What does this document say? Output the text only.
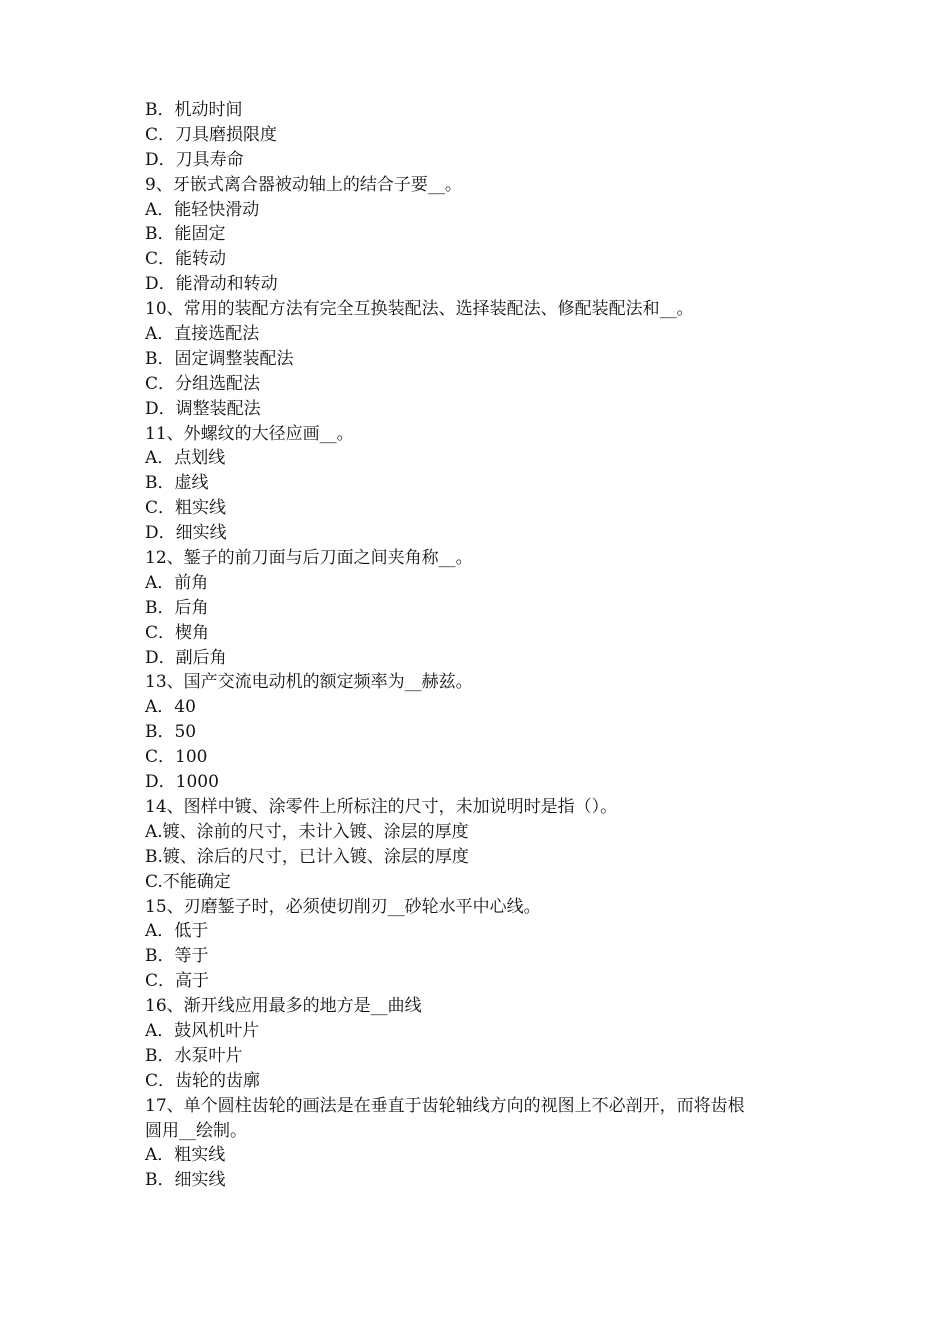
B．机动时间

C．刀具磨损限度

D．刀具寿命

9、牙嵌式离合器被动轴上的结合子要__。

A．能轻快滑动

B．能固定

C．能转动

D．能滑动和转动

10、常用的装配方法有完全互换装配法、选择装配法、修配装配法和__。

A．直接选配法

B．固定调整装配法

C．分组选配法

D．调整装配法

11、外螺纹的大径应画__。

A．点划线

B．虚线

C．粗实线

D．细实线

12、錾子的前刀面与后刀面之间夹角称__。

A．前角

B．后角

C．楔角

D．副后角

13、国产交流电动机的额定频率为__赫兹。

A．40

B．50

C．100

D．1000

14、图样中镀、涂零件上所标注的尺寸，未加说明时是指（）。

A.镀、涂前的尺寸，未计入镀、涂层的厚度

B.镀、涂后的尺寸，已计入镀、涂层的厚度

C.不能确定

15、刃磨錾子时，必须使切削刃__砂轮水平中心线。

A．低于

B．等于

C．高于

16、渐开线应用最多的地方是__曲线

A．鼓风机叶片

B．水泵叶片

C．齿轮的齿廓

17、单个圆柱齿轮的画法是在垂直于齿轮轴线方向的视图上不必剖开，而将齿根

圆用__绘制。

A．粗实线

B．细实线
